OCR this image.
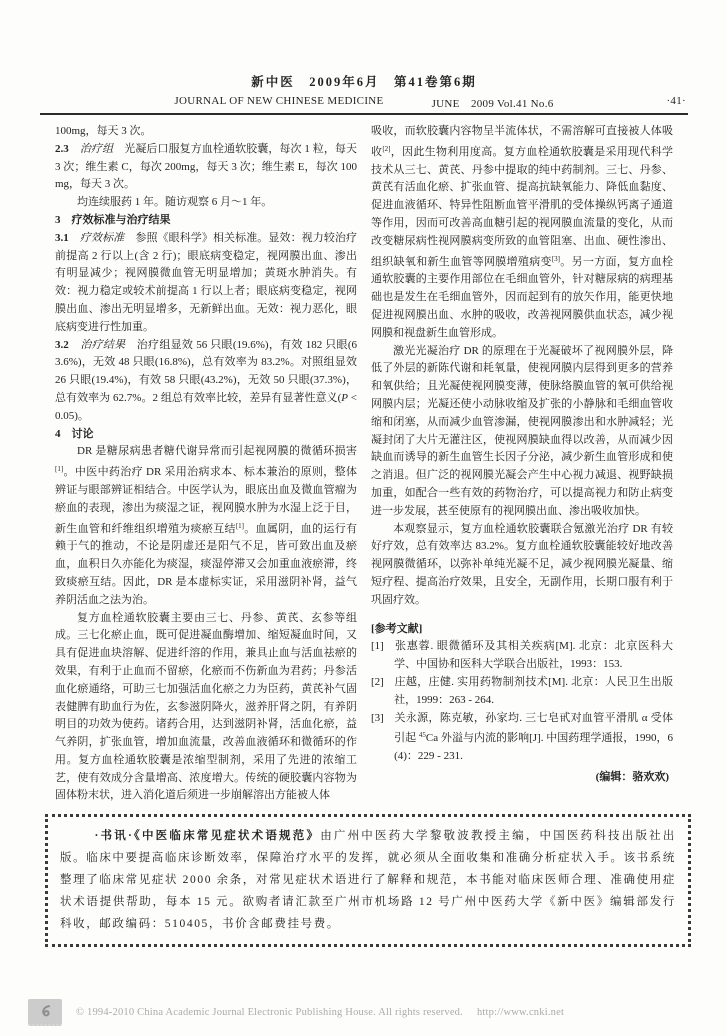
新中医　2009年6月　第41卷第6期
JOURNAL OF NEW CHINESE MEDICINE	JUNE　2009 Vol.41 No.6	·41·

100mg，每天 3 次。

2.3　治疗组　光凝后口服复方血栓通软胶囊，每次 1 粒，每天 3 次；维生素 C，每次 200mg，每天 3 次；维生素 E，每次 100mg，每天 3 次。

均连续服药 1 年。随访观察 6 月～1 年。

3　疗效标准与治疗结果

3.1　疗效标准　参照《眼科学》相关标准。显效：视力较治疗前提高 2 行以上(含 2 行)；眼底病变稳定，视网膜出血、渗出有明显减少；视网膜微血管无明显增加；黄斑水肿消失。有效：视力稳定或较术前提高 1 行以上者；眼底病变稳定，视网膜出血、渗出无明显增多，无新鲜出血。无效：视力恶化，眼底病变进行性加重。

3.2　治疗结果　治疗组显效 56 只眼(19.6%)，有效 182 只眼(63.6%)，无效 48 只眼(16.8%)，总有效率为 83.2%。对照组显效 26 只眼(19.4%)，有效 58 只眼(43.2%)，无效 50 只眼(37.3%)，总有效率为 62.7%。2 组总有效率比较，差异有显著性意义(P < 0.05)。

4　讨论

DR 是糖尿病患者糖代谢异常而引起视网膜的微循环损害[1]。中医中药治疗 DR 采用治病求本、标本兼治的原则，整体辨证与眼部辨证相结合。中医学认为，眼底出血及微血管瘤为瘀血的表现，渗出为痰湿之证，视网膜水肿为水湿上泛于目，新生血管和纤维组织增殖为痰瘀互结[1]。血属阴，血的运行有赖于气的推动，不论是阴虚还是阳气不足，皆可致出血及瘀血，血积日久亦能化为痰湿，痰湿停滞又会加重血液瘀滞，终致痰瘀互结。因此，DR 是本虚标实证，采用滋阴补肾，益气养阴活血之法为治。

复方血栓通软胶囊主要由三七、丹参、黄芪、玄参等组成。三七化瘀止血，既可促进凝血酶增加、缩短凝血时间，又具有促进血块溶解、促进纤溶的作用，兼具止血与活血祛瘀的效果，有利于止血而不留瘀，化瘀而不伤新血为君药；丹参活血化瘀通络，可助三七加强活血化瘀之力为臣药，黄芪补气固表健脾有助血行为佐，玄参滋阴降火，滋养肝肾之阴，有养阴明目的功效为使药。诸药合用，达到滋阴补肾，活血化瘀，益气养阴，扩张血管，增加血流量，改善血液循环和微循环的作用。复方血栓通软胶囊是浓缩型制剂，采用了先进的浓缩工艺，使有效成分含量增高、浓度增大。传统的硬胶囊内容物为固体粉末状，进入消化道后须进一步崩解溶出方能被人体

吸收，而软胶囊内容物呈半流体状，不需溶解可直接被人体吸收[2]，因此生物利用度高。复方血栓通软胶囊是采用现代科学技术从三七、黄芪、丹参中提取的纯中药制剂。三七、丹参、黄芪有活血化瘀、扩张血管、提高抗缺氧能力、降低血黏度、促进血液循环、特异性阻断血管平滑肌的受体操纵钙离子通道等作用，因而可改善高血糖引起的视网膜血流量的变化，从而改变糖尿病性视网膜病变所致的血管阻塞、出血、硬性渗出、组织缺氧和新生血管等网膜增殖病变[3]。另一方面，复方血栓通软胶囊的主要作用部位在毛细血管外，针对糖尿病的病理基础也是发生在毛细血管外，因而起到有的放矢作用，能更快地促进视网膜出血、水肿的吸收，改善视网膜供血状态，减少视网膜和视盘新生血管形成。

激光光凝治疗 DR 的原理在于光凝破坏了视网膜外层，降低了外层的新陈代谢和耗氧量，使视网膜内层得到更多的营养和氧供给；且光凝使视网膜变薄，使脉络膜血管的氧可供给视网膜内层；光凝还使小动脉收缩及扩张的小静脉和毛细血管收缩和闭塞，从而减少血管渗漏，使视网膜渗出和水肿减轻；光凝封闭了大片无灌注区，使视网膜缺血得以改善，从而减少因缺血而诱导的新生血管生长因子分泌，减少新生血管形成和使之消退。但广泛的视网膜光凝会产生中心视力减退、视野缺损加重，如配合一些有效的药物治疗，可以提高视力和防止病变进一步发展，甚至使原有的视网膜出血、渗出吸收加快。

本观察显示，复方血栓通软胶囊联合氪激光治疗 DR 有较好疗效，总有效率达 83.2%。复方血栓通软胶囊能较好地改善视网膜微循环，以弥补单纯光凝不足，减少视网膜光凝量、缩短疗程、提高治疗效果，且安全，无副作用，长期口服有利于巩固疗效。

[参考文献]

[1] 张惠蓉. 眼微循环及其相关疾病[M]. 北京：北京医科大学、中国协和医科大学联合出版社，1993：153.

[2] 庄越，庄健. 实用药物制剂技术[M]. 北京：人民卫生出版社，1999：263 - 264.

[3] 关永源，陈克敏，孙家均. 三七皂甙对血管平滑肌 α 受体引起 $^{45}$Ca 外溢与内流的影响[J]. 中国药理学通报，1990，6(4)：229 - 231.

(编辑：骆欢欢)

·书讯·《中医临床常见症状术语规范》由广州中医药大学黎敬波教授主编，中国医药科技出版社出版。临床中要提高临床诊断效率，保障治疗水平的发挥，就必须从全面收集和准确分析症状入手。该书系统整理了临床常见症状 2000 余条，对常见症状术语进行了解释和规范，本书能对临床医师合理、准确使用症状术语提供帮助，每本 15 元。欲购者请汇款至广州市机场路 12 号广州中医药大学《新中医》编辑部发行科收，邮政编码：510405，书价含邮费挂号费。

© 1994-2010 China Academic Journal Electronic Publishing House. All rights reserved. http://www.cnki.net
